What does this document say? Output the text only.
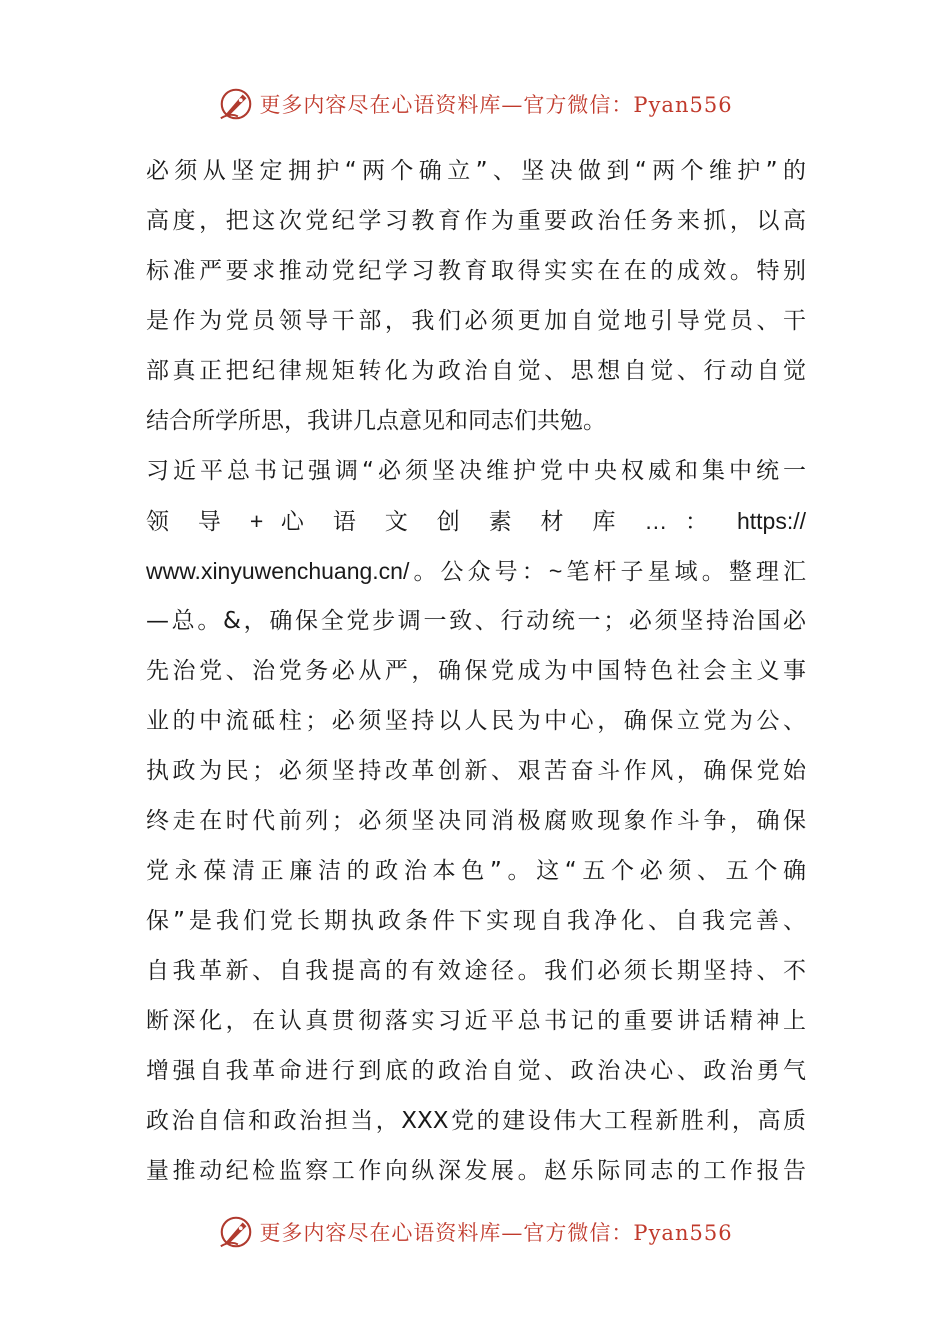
更多内容尽在心语资料库—官方微信：Pyan556
必须从坚定拥护“两个确立”、坚决做到“两个维护”的
高度，把这次党纪学习教育作为重要政治任务来抓，以高
标准严要求推动党纪学习教育取得实实在在的成效。特别
是作为党员领导干部，我们必须更加自觉地引导党员、干
部真正把纪律规矩转化为政治自觉、思想自觉、行动自觉
结合所学所思，我讲几点意见和同志们共勉。
习近平总书记强调“必须坚决维护党中央权威和集中统一
领 导 + 心 语 文 创 素 材 库 … ： https://
www.xinyuwenchuang.cn/。公众号：~笔杆子星域。整理汇
—总。&，确保全党步调一致、行动统一；必须坚持治国必
先治党、治党务必从严，确保党成为中国特色社会主义事
业的中流砥柱；必须坚持以人民为中心，确保立党为公、
执政为民；必须坚持改革创新、艰苦奋斗作风，确保党始
终走在时代前列；必须坚决同消极腐败现象作斗争，确保
党永葆清正廉洁的政治本色”。这“五个必须、五个确
保”是我们党长期执政条件下实现自我净化、自我完善、
自我革新、自我提高的有效途径。我们必须长期坚持、不
断深化，在认真贯彻落实习近平总书记的重要讲话精神上
增强自我革命进行到底的政治自觉、政治决心、政治勇气
政治自信和政治担当，XXX党的建设伟大工程新胜利，高质
量推动纪检监察工作向纵深发展。赵乐际同志的工作报告
更多内容尽在心语资料库—官方微信：Pyan556
